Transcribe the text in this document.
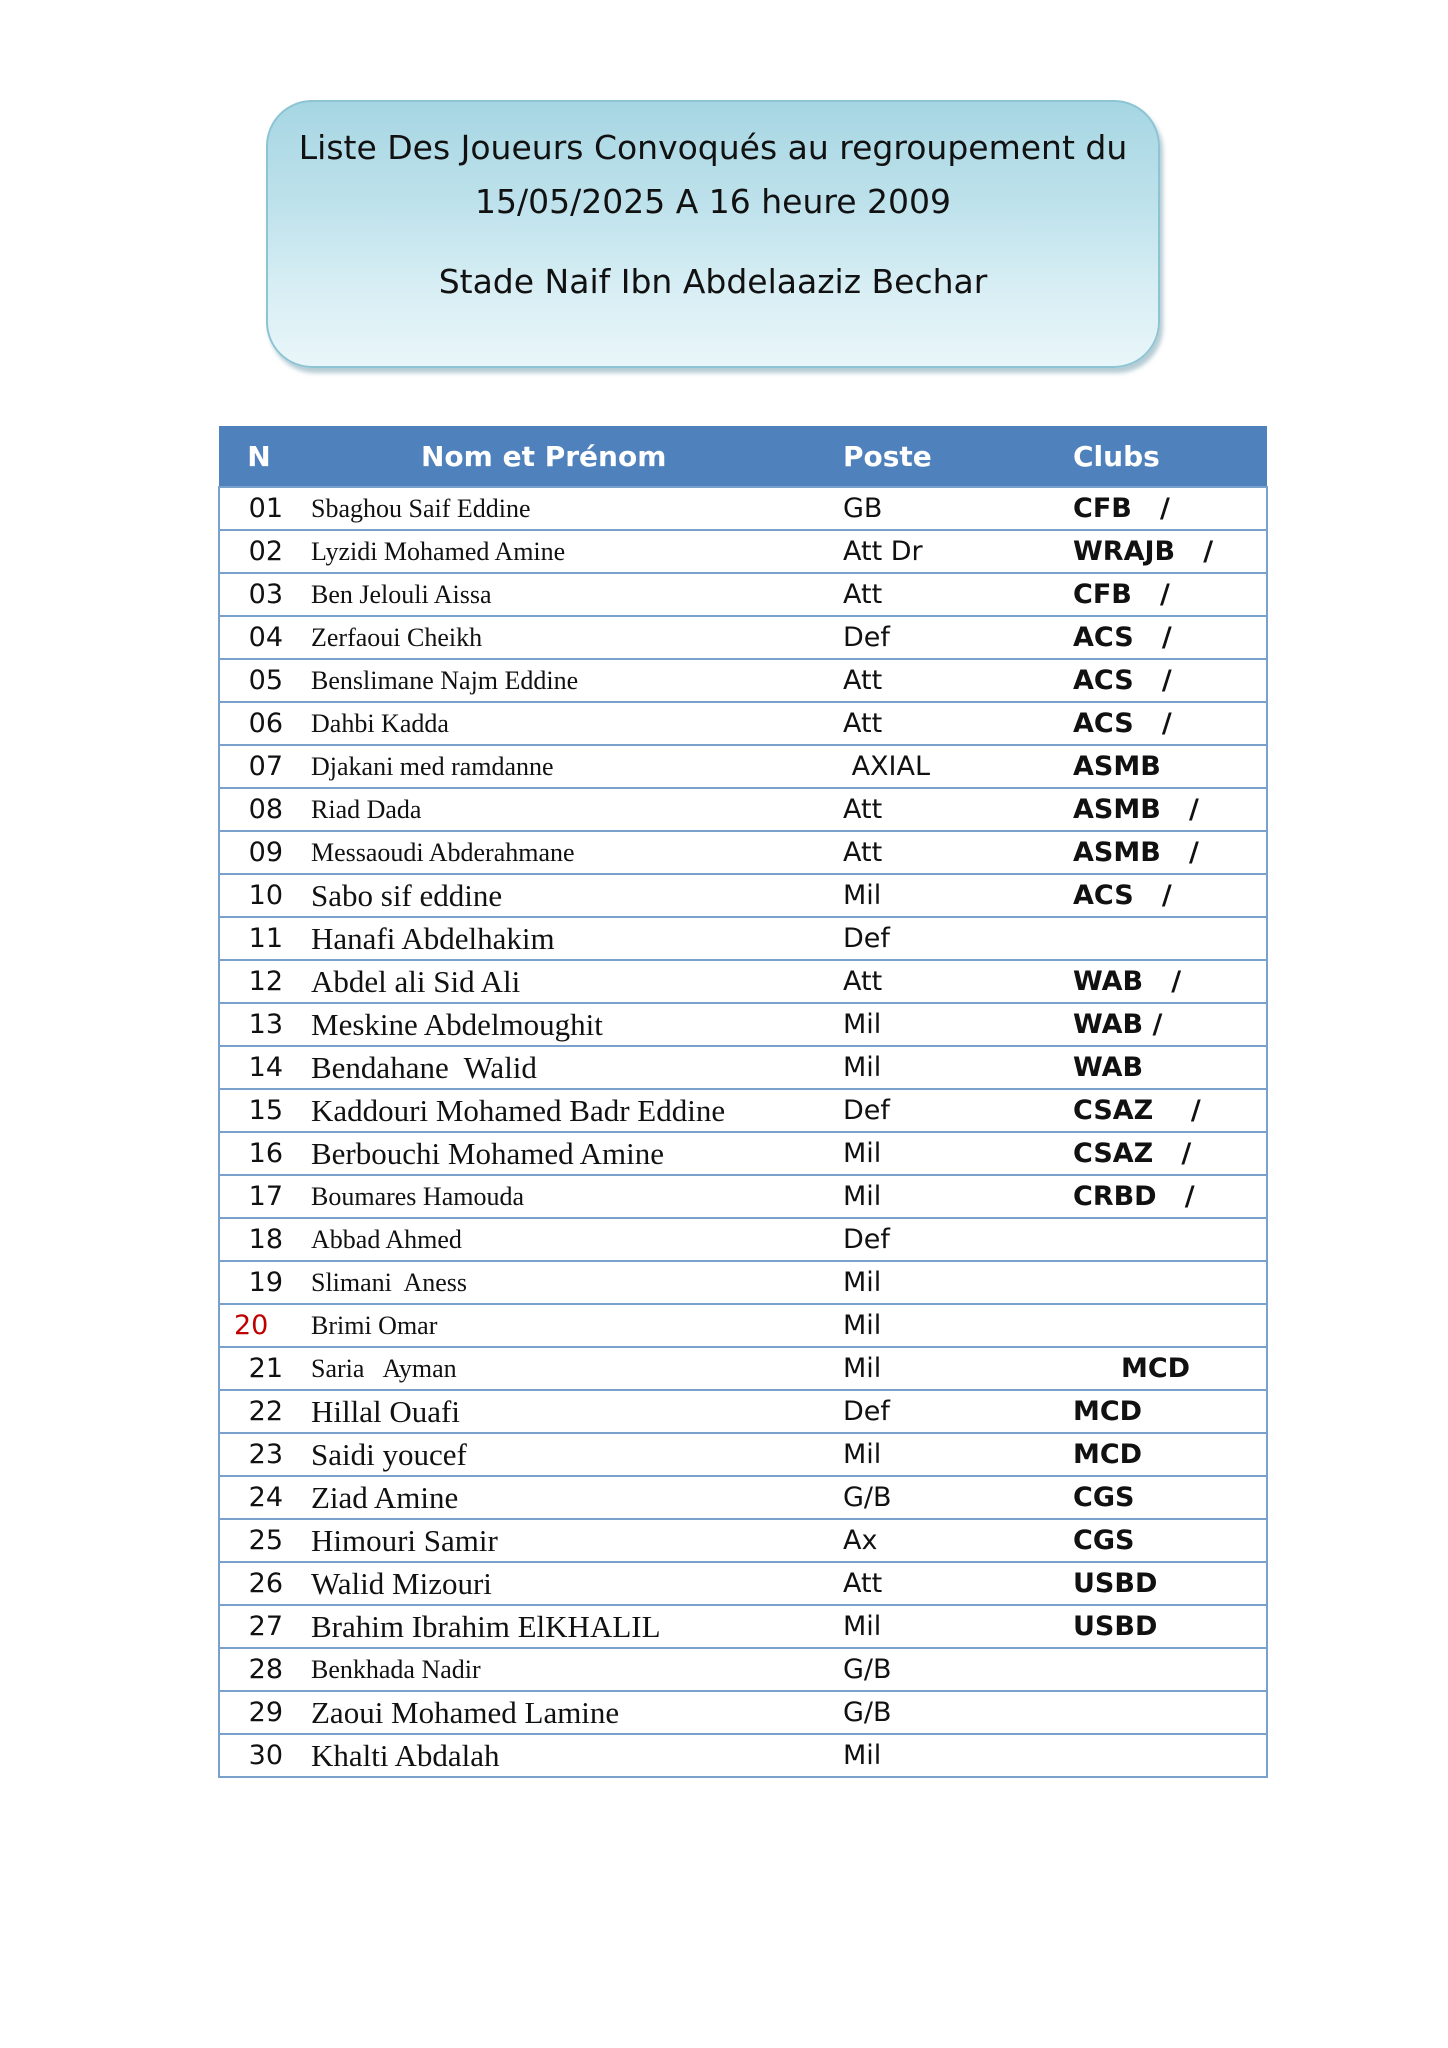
Liste Des Joueurs Convoqués au regroupement du
15/05/2025 A 16 heure 2009
Stade Naif Ibn Abdelaaziz Bechar
N	Nom et Prénom	Poste	Clubs
01	Sbaghou Saif Eddine	GB	CFB   /
02	Lyzidi Mohamed Amine	Att Dr	WRAJB   /
03	Ben Jelouli Aissa	Att	CFB   /
04	Zerfaoui Cheikh	Def	ACS   /
05	Benslimane Najm Eddine	Att	ACS   /
06	Dahbi Kadda	Att	ACS   /
07	Djakani med ramdanne	AXIAL	ASMB
08	Riad Dada	Att	ASMB   /
09	Messaoudi Abderahmane	Att	ASMB   /
10	Sabo sif eddine	Mil	ACS   /
11	Hanafi Abdelhakim	Def	
12	Abdel ali Sid Ali	Att	WAB   /
13	Meskine Abdelmoughit	Mil	WAB /
14	Bendahane  Walid	Mil	WAB
15	Kaddouri Mohamed Badr Eddine	Def	CSAZ    /
16	Berbouchi Mohamed Amine	Mil	CSAZ   /
17	Boumares Hamouda	Mil	CRBD   /
18	Abbad Ahmed	Def	
19	Slimani  Aness	Mil	
20	Brimi Omar	Mil	
21	Saria   Ayman	Mil	MCD
22	Hillal Ouafi	Def	MCD
23	Saidi youcef	Mil	MCD
24	Ziad Amine	G/B	CGS
25	Himouri Samir	Ax	CGS
26	Walid Mizouri	Att	USBD
27	Brahim Ibrahim ElKHALIL	Mil	USBD
28	Benkhada Nadir	G/B	
29	Zaoui Mohamed Lamine	G/B	
30	Khalti Abdalah	Mil	
